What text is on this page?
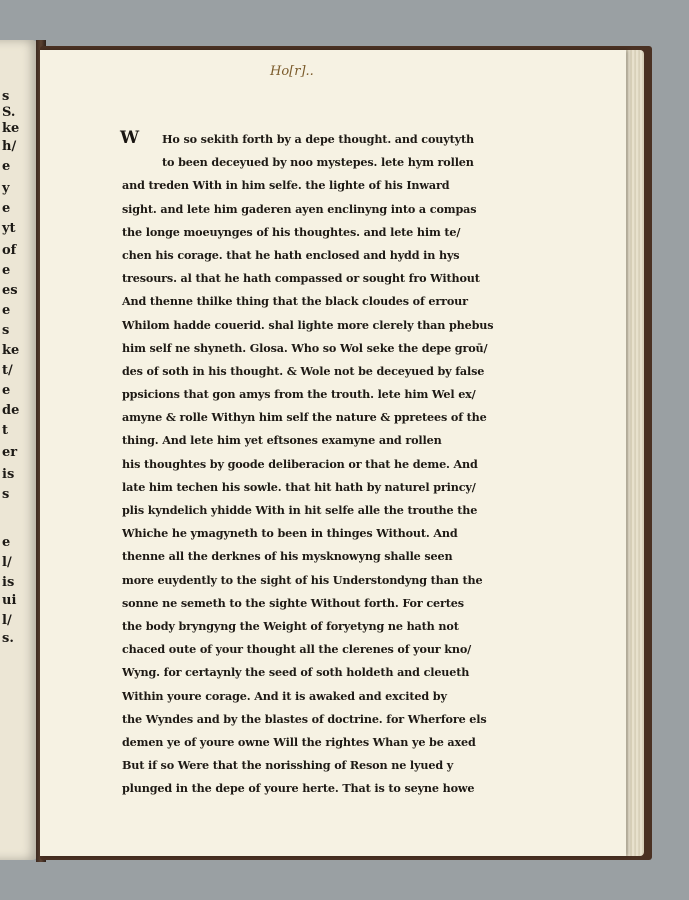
s
S.
ke
h/
e
y
e
yt
of
e
es
e
s
ke
t/
e
de
t
er
is
s
e
l/
is
ui
l/
s.
Ho[r]..
W	Ho so sekith forth by a depe thought. and couytyth
to been deceyued by noo mystepes. lete hym rollen
and treden With in him selfe. the lighte of his Inward
sight. and lete him gaderen ayen enclinyng into a compas
the longe moeuynges of his thoughtes. and lete him te/
chen his corage. that he hath enclosed and hydd in hys
tresours. al that he hath compassed or sought fro Without
And thenne thilke thing that the black cloudes of errour
Whilom hadde couerid. shal lighte more clerely than phebus
him self ne shyneth. Glosa. Who so Wol seke the depe groū/
des of soth in his thought. & Wole not be deceyued by false
ppsicions that gon amys from the trouth. lete him Wel ex/
amyne & rolle Withyn him self the nature & ppretees of the
thing. And lete him yet eftsones examyne and rollen
his thoughtes by goode deliberacion or that he deme. And
late him techen his sowle. that hit hath by naturel princy/
plis kyndelich yhidde With in hit selfe alle the trouthe the
Whiche he ymagyneth to been in thinges Without. And
thenne all the derknes of his mysknowyng shalle seen
more euydently to the sight of his Understondyng than the
sonne ne semeth to the sighte Without forth. For certes
the body bryngyng the Weight of foryetyng ne hath not
chaced oute of your thought all the clerenes of your kno/
Wyng. for certaynly the seed of soth holdeth and cleueth
Within youre corage. And it is awaked and excited by
the Wyndes and by the blastes of doctrine. for Wherfore els
demen ye of youre owne Will the rightes Whan ye be axed
But if so Were that the norisshing of Reson ne lyued y
plunged in the depe of youre herte. That is to seyne howe
